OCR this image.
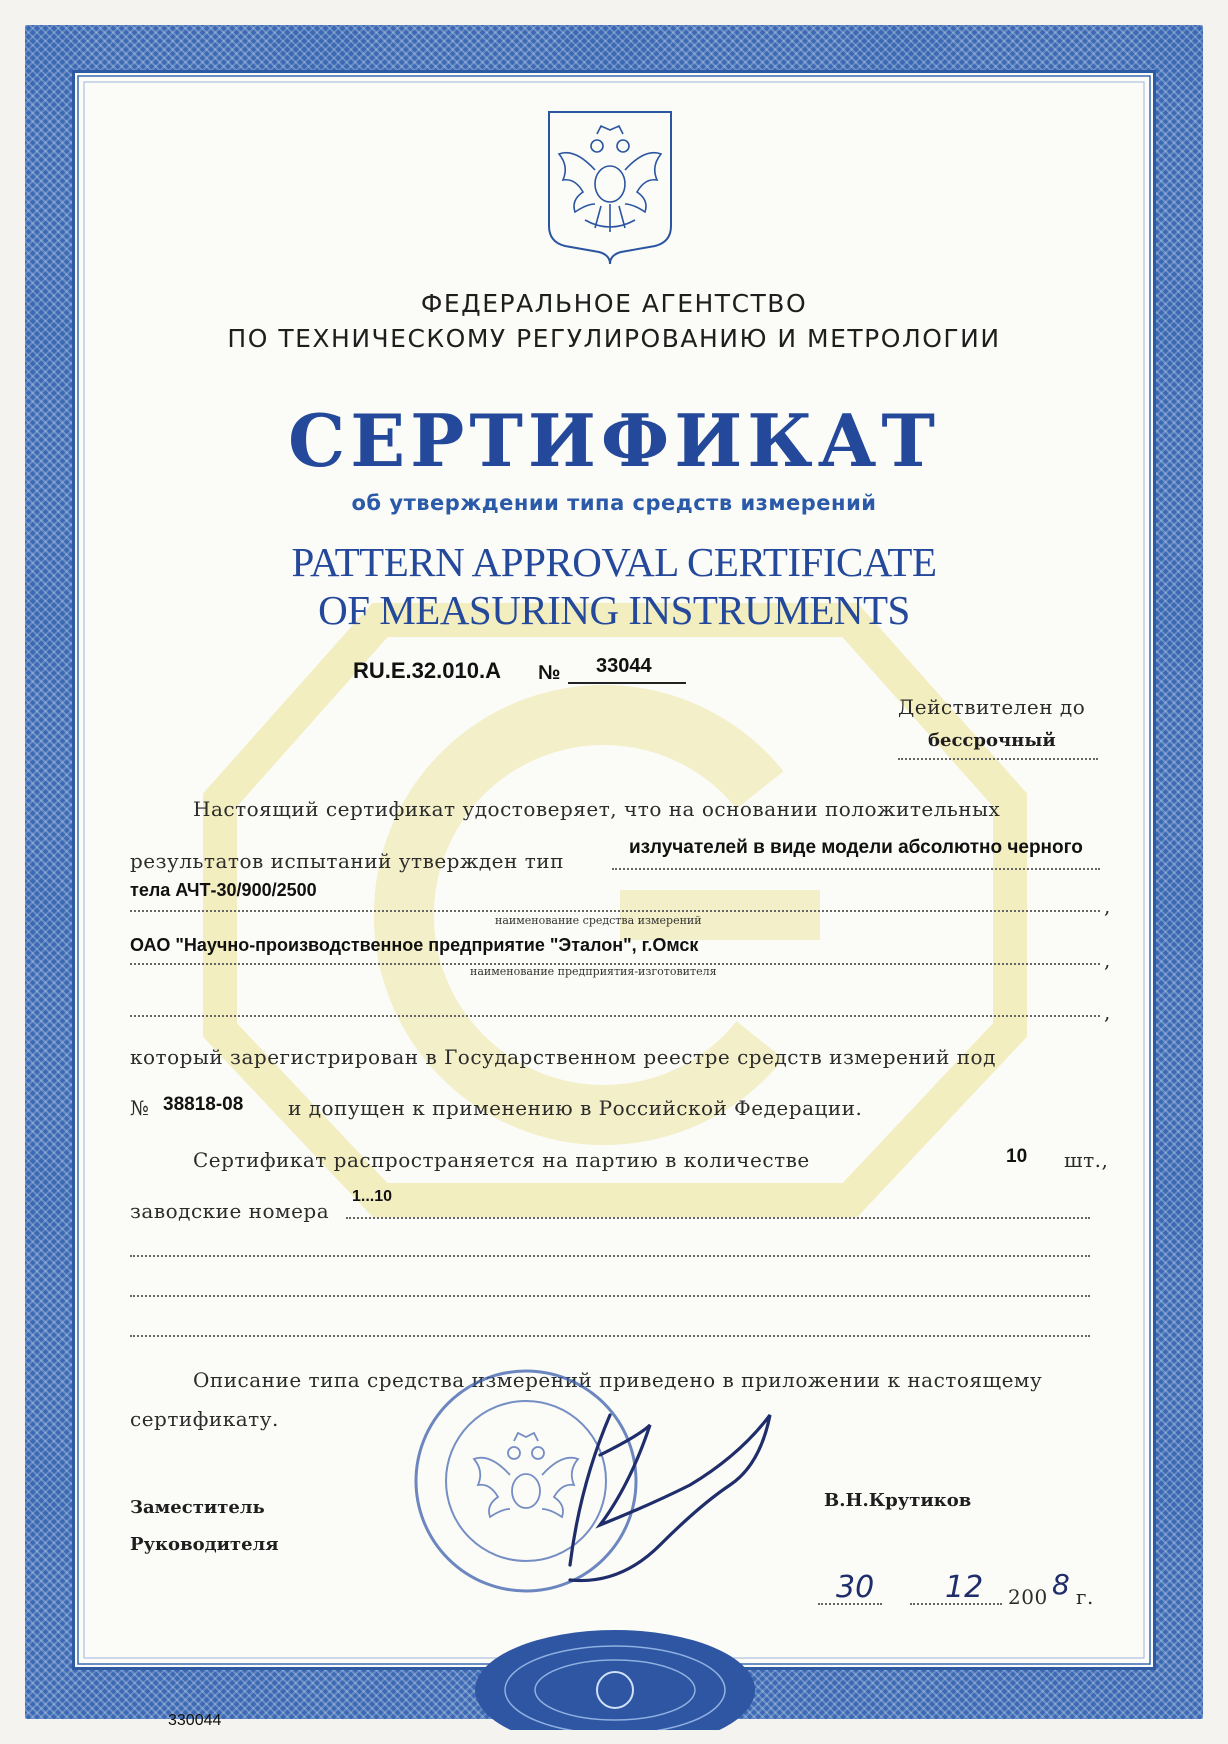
ФЕДЕРАЛЬНОЕ АГЕНТСТВО
ПО ТЕХНИЧЕСКОМУ РЕГУЛИРОВАНИЮ И МЕТРОЛОГИИ
СЕРТИФИКАТ
об утверждении типа средств измерений
PATTERN APPROVAL CERTIFICATE
OF MEASURING INSTRUMENTS
RU.E.32.010.A № 33044
Действителен до
бессрочный
Настоящий сертификат удостоверяет, что на основании положительных
результатов испытаний утвержден тип
излучателей в виде модели абсолютно черного
тела АЧТ-30/900/2500
,
наименование средства измерений
ОАО "Научно-производственное предприятие "Эталон", г.Омск
,
наименование предприятия-изготовителя
,
который зарегистрирован в Государственном реестре средств измерений под
№ 38818-08 и допущен к применению в Российской Федерации.
Сертификат распространяется на партию в количестве	10 шт.,
заводские номера
1...10
Описание типа средства измерений приведено в приложении к настоящему
сертификату.
Заместитель
Руководителя
В.Н.Крутиков
30 12 200 8 г.
330044
